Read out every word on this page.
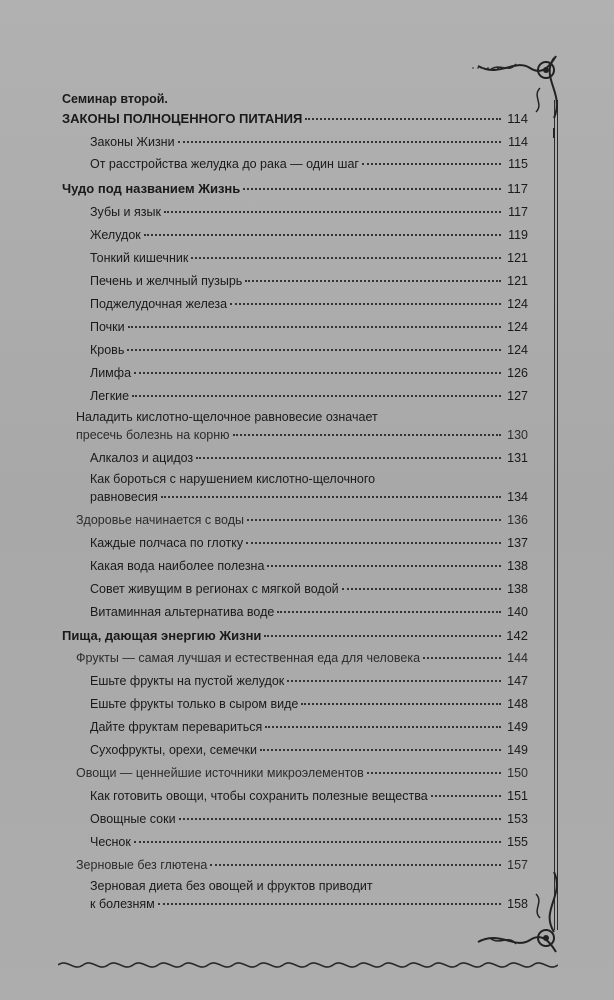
Семинар второй.
ЗАКОНЫ ПОЛНОЦЕННОГО ПИТАНИЯ	114
Законы Жизни	114
От расстройства желудка до рака — один шаг	115
Чудо под названием Жизнь	117
Зубы и язык	117
Желудок	119
Тонкий кишечник	121
Печень и желчный пузырь	121
Поджелудочная железа	124
Почки	124
Кровь	124
Лимфа	126
Легкие	127
Наладить кислотно-щелочное равновесие означает
пресечь болезнь на корню	130
Алкалоз и ацидоз	131
Как бороться с нарушением кислотно-щелочного
равновесия	134
Здоровье начинается с воды	136
Каждые полчаса по глотку	137
Какая вода наиболее полезна	138
Совет живущим в регионах с мягкой водой	138
Витаминная альтернатива воде	140
Пища, дающая энергию Жизни	142
Фрукты — самая лучшая и естественная еда для человека	144
Ешьте фрукты на пустой желудок	147
Ешьте фрукты только в сыром виде	148
Дайте фруктам перевариться	149
Сухофрукты, орехи, семечки	149
Овощи — ценнейшие источники микроэлементов	150
Как готовить овощи, чтобы сохранить полезные вещества	151
Овощные соки	153
Чеснок	155
Зерновые без глютена	157
Зерновая диета без овощей и фруктов приводит
к болезням	158
